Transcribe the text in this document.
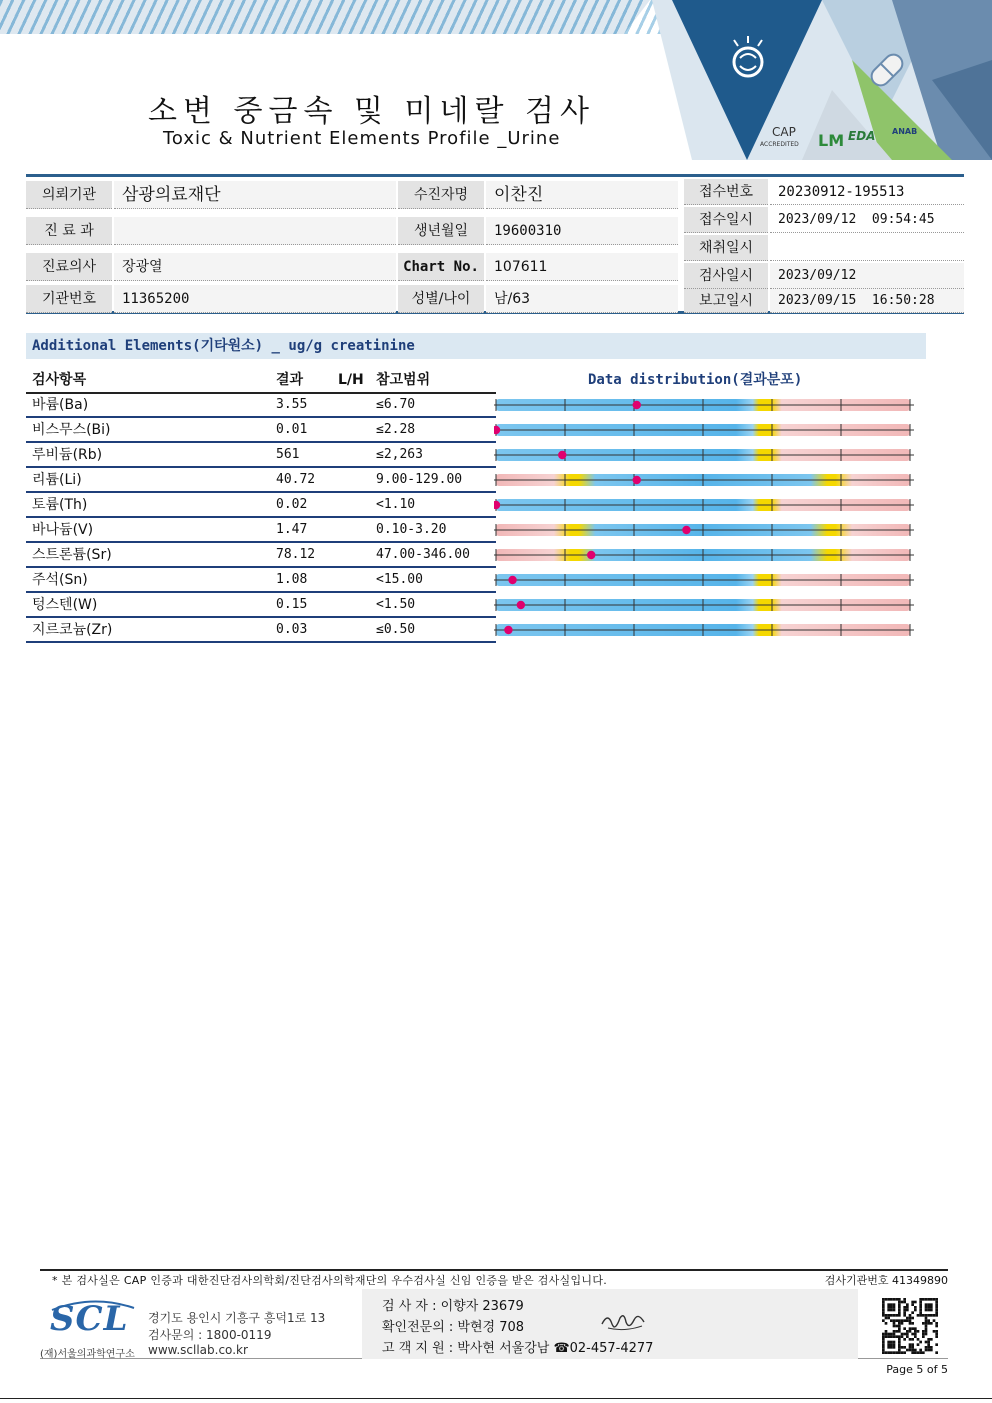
CAP
ACCREDITED LM EDA ANAB
소변 중금속 및 미네랄 검사
Toxic & Nutrient Elements Profile _Urine
의뢰기관	삼광의료재단
진 료 과
진료의사	장광열
기관번호	11365200
수진자명	이찬진
생년월일	19600310
Chart No.	107611
성별/나이	남/63
접수번호	20230912-195513
접수일시	2023/09/12  09:54:45
채취일시
검사일시	2023/09/12
보고일시	2023/09/15  16:50:28
Additional Elements(기타원소) _ ug/g creatinine
검사항목	결과 L/H 참고범위	Data distribution(결과분포)
바륨(Ba)	3.55	≤6.70
비스무스(Bi)	0.01	≤2.28
루비듐(Rb)	561	≤2,263
리튬(Li)	40.72	9.00-129.00
토륨(Th)	0.02	<1.10
바나듐(V)	1.47	0.10-3.20
스트론튬(Sr)	78.12	47.00-346.00
주석(Sn)	1.08	<15.00
텅스텐(W)	0.15	<1.50
지르코늄(Zr)	0.03	≤0.50
* 본 검사실은 CAP 인증과 대한진단검사의학회/진단검사의학재단의 우수검사실 신임 인증을 받은 검사실입니다.	검사기관번호 41349890
SCL
(재)서울의과학연구소
경기도 용인시 기흥구 흥덕1로 13
검사문의 : 1800-0119
www.scllab.co.kr
검 사 자 : 이향자 23679
확인전문의 : 박현경 708
고 객 지 원 : 박사현 서울강남 ☎02-457-4277
Page 5 of 5
